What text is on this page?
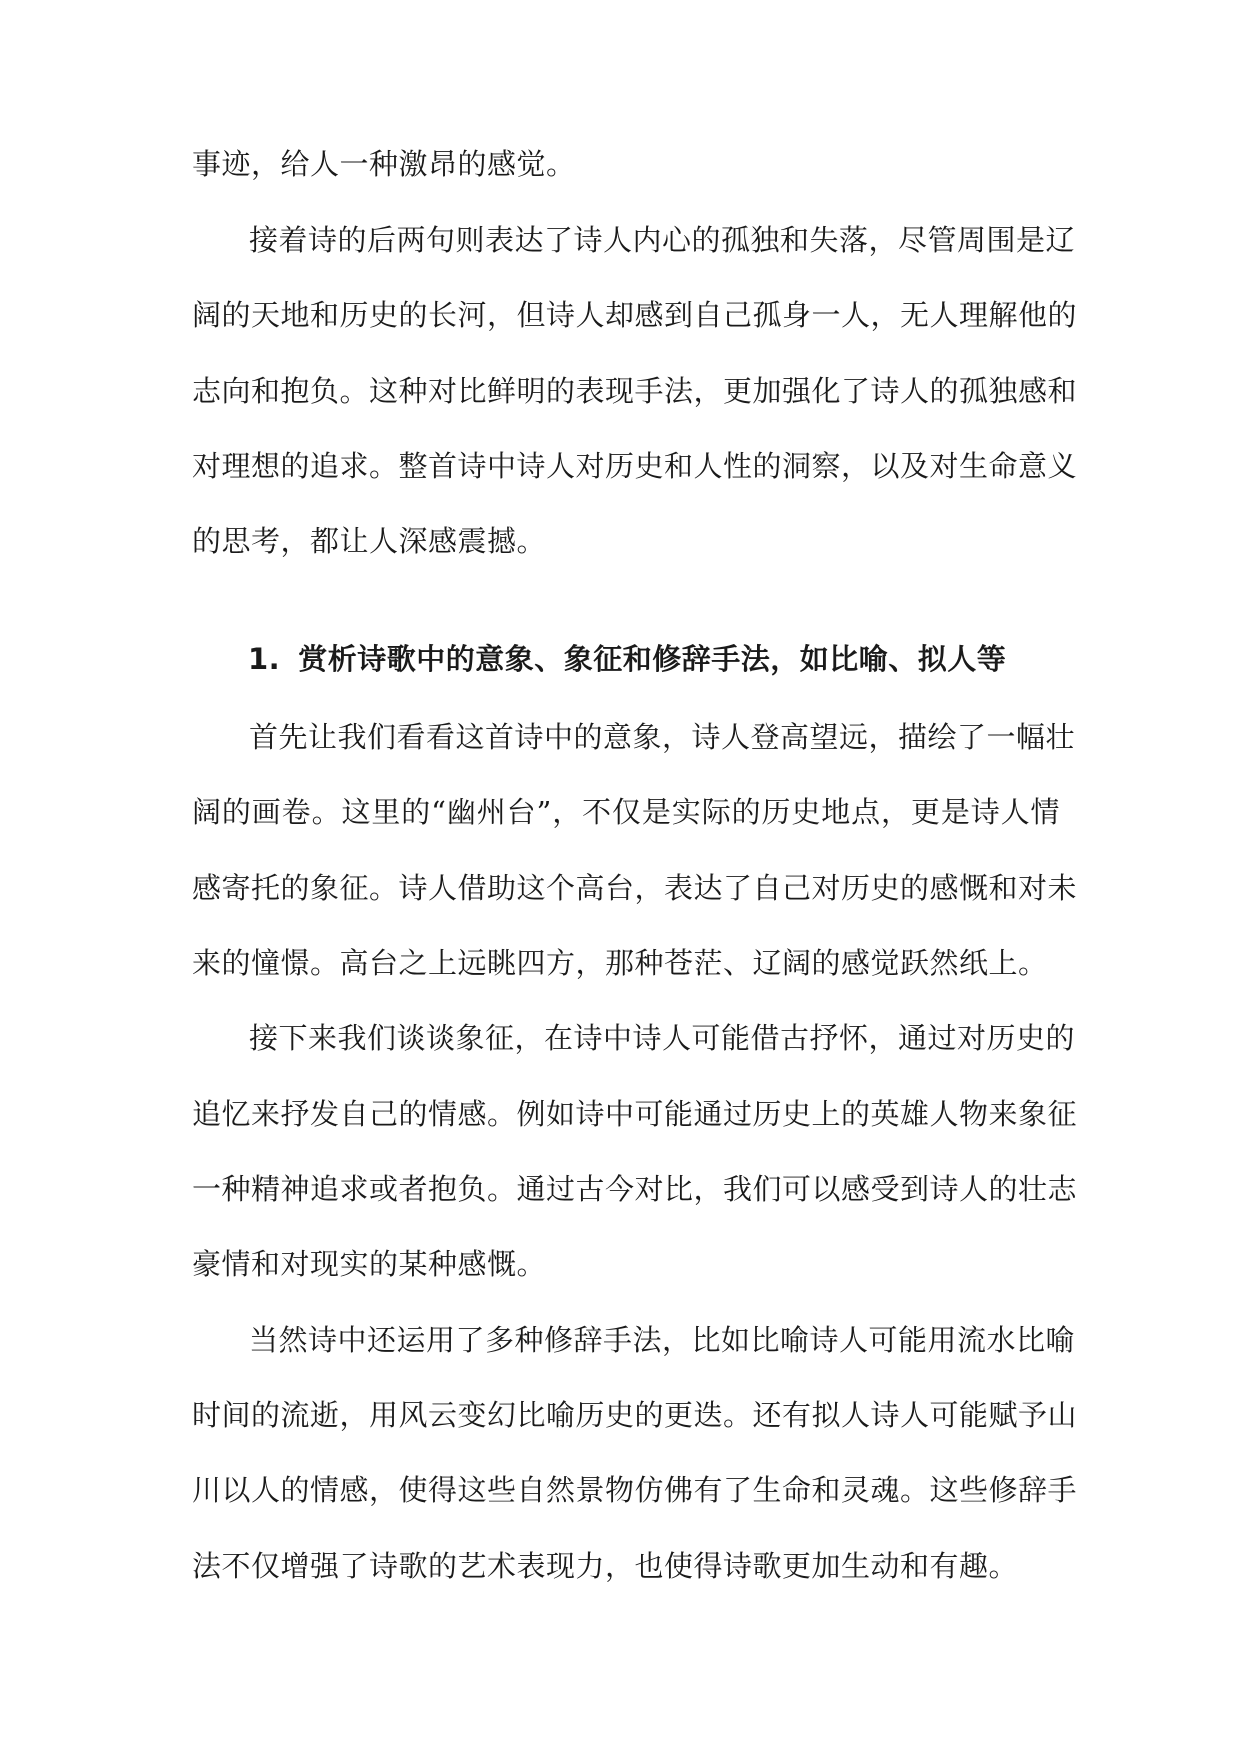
事迹，给人一种激昂的感觉。
接着诗的后两句则表达了诗人内心的孤独和失落，尽管周围是辽
阔的天地和历史的长河，但诗人却感到自己孤身一人，无人理解他的
志向和抱负。这种对比鲜明的表现手法，更加强化了诗人的孤独感和
对理想的追求。整首诗中诗人对历史和人性的洞察，以及对生命意义
的思考，都让人深感震撼。
1. 赏析诗歌中的意象、象征和修辞手法，如比喻、拟人等
首先让我们看看这首诗中的意象，诗人登高望远，描绘了一幅壮
阔的画卷。这里的“幽州台”，不仅是实际的历史地点，更是诗人情
感寄托的象征。诗人借助这个高台，表达了自己对历史的感慨和对未
来的憧憬。高台之上远眺四方，那种苍茫、辽阔的感觉跃然纸上。
接下来我们谈谈象征，在诗中诗人可能借古抒怀，通过对历史的
追忆来抒发自己的情感。例如诗中可能通过历史上的英雄人物来象征
一种精神追求或者抱负。通过古今对比，我们可以感受到诗人的壮志
豪情和对现实的某种感慨。
当然诗中还运用了多种修辞手法，比如比喻诗人可能用流水比喻
时间的流逝，用风云变幻比喻历史的更迭。还有拟人诗人可能赋予山
川以人的情感，使得这些自然景物仿佛有了生命和灵魂。这些修辞手
法不仅增强了诗歌的艺术表现力，也使得诗歌更加生动和有趣。
